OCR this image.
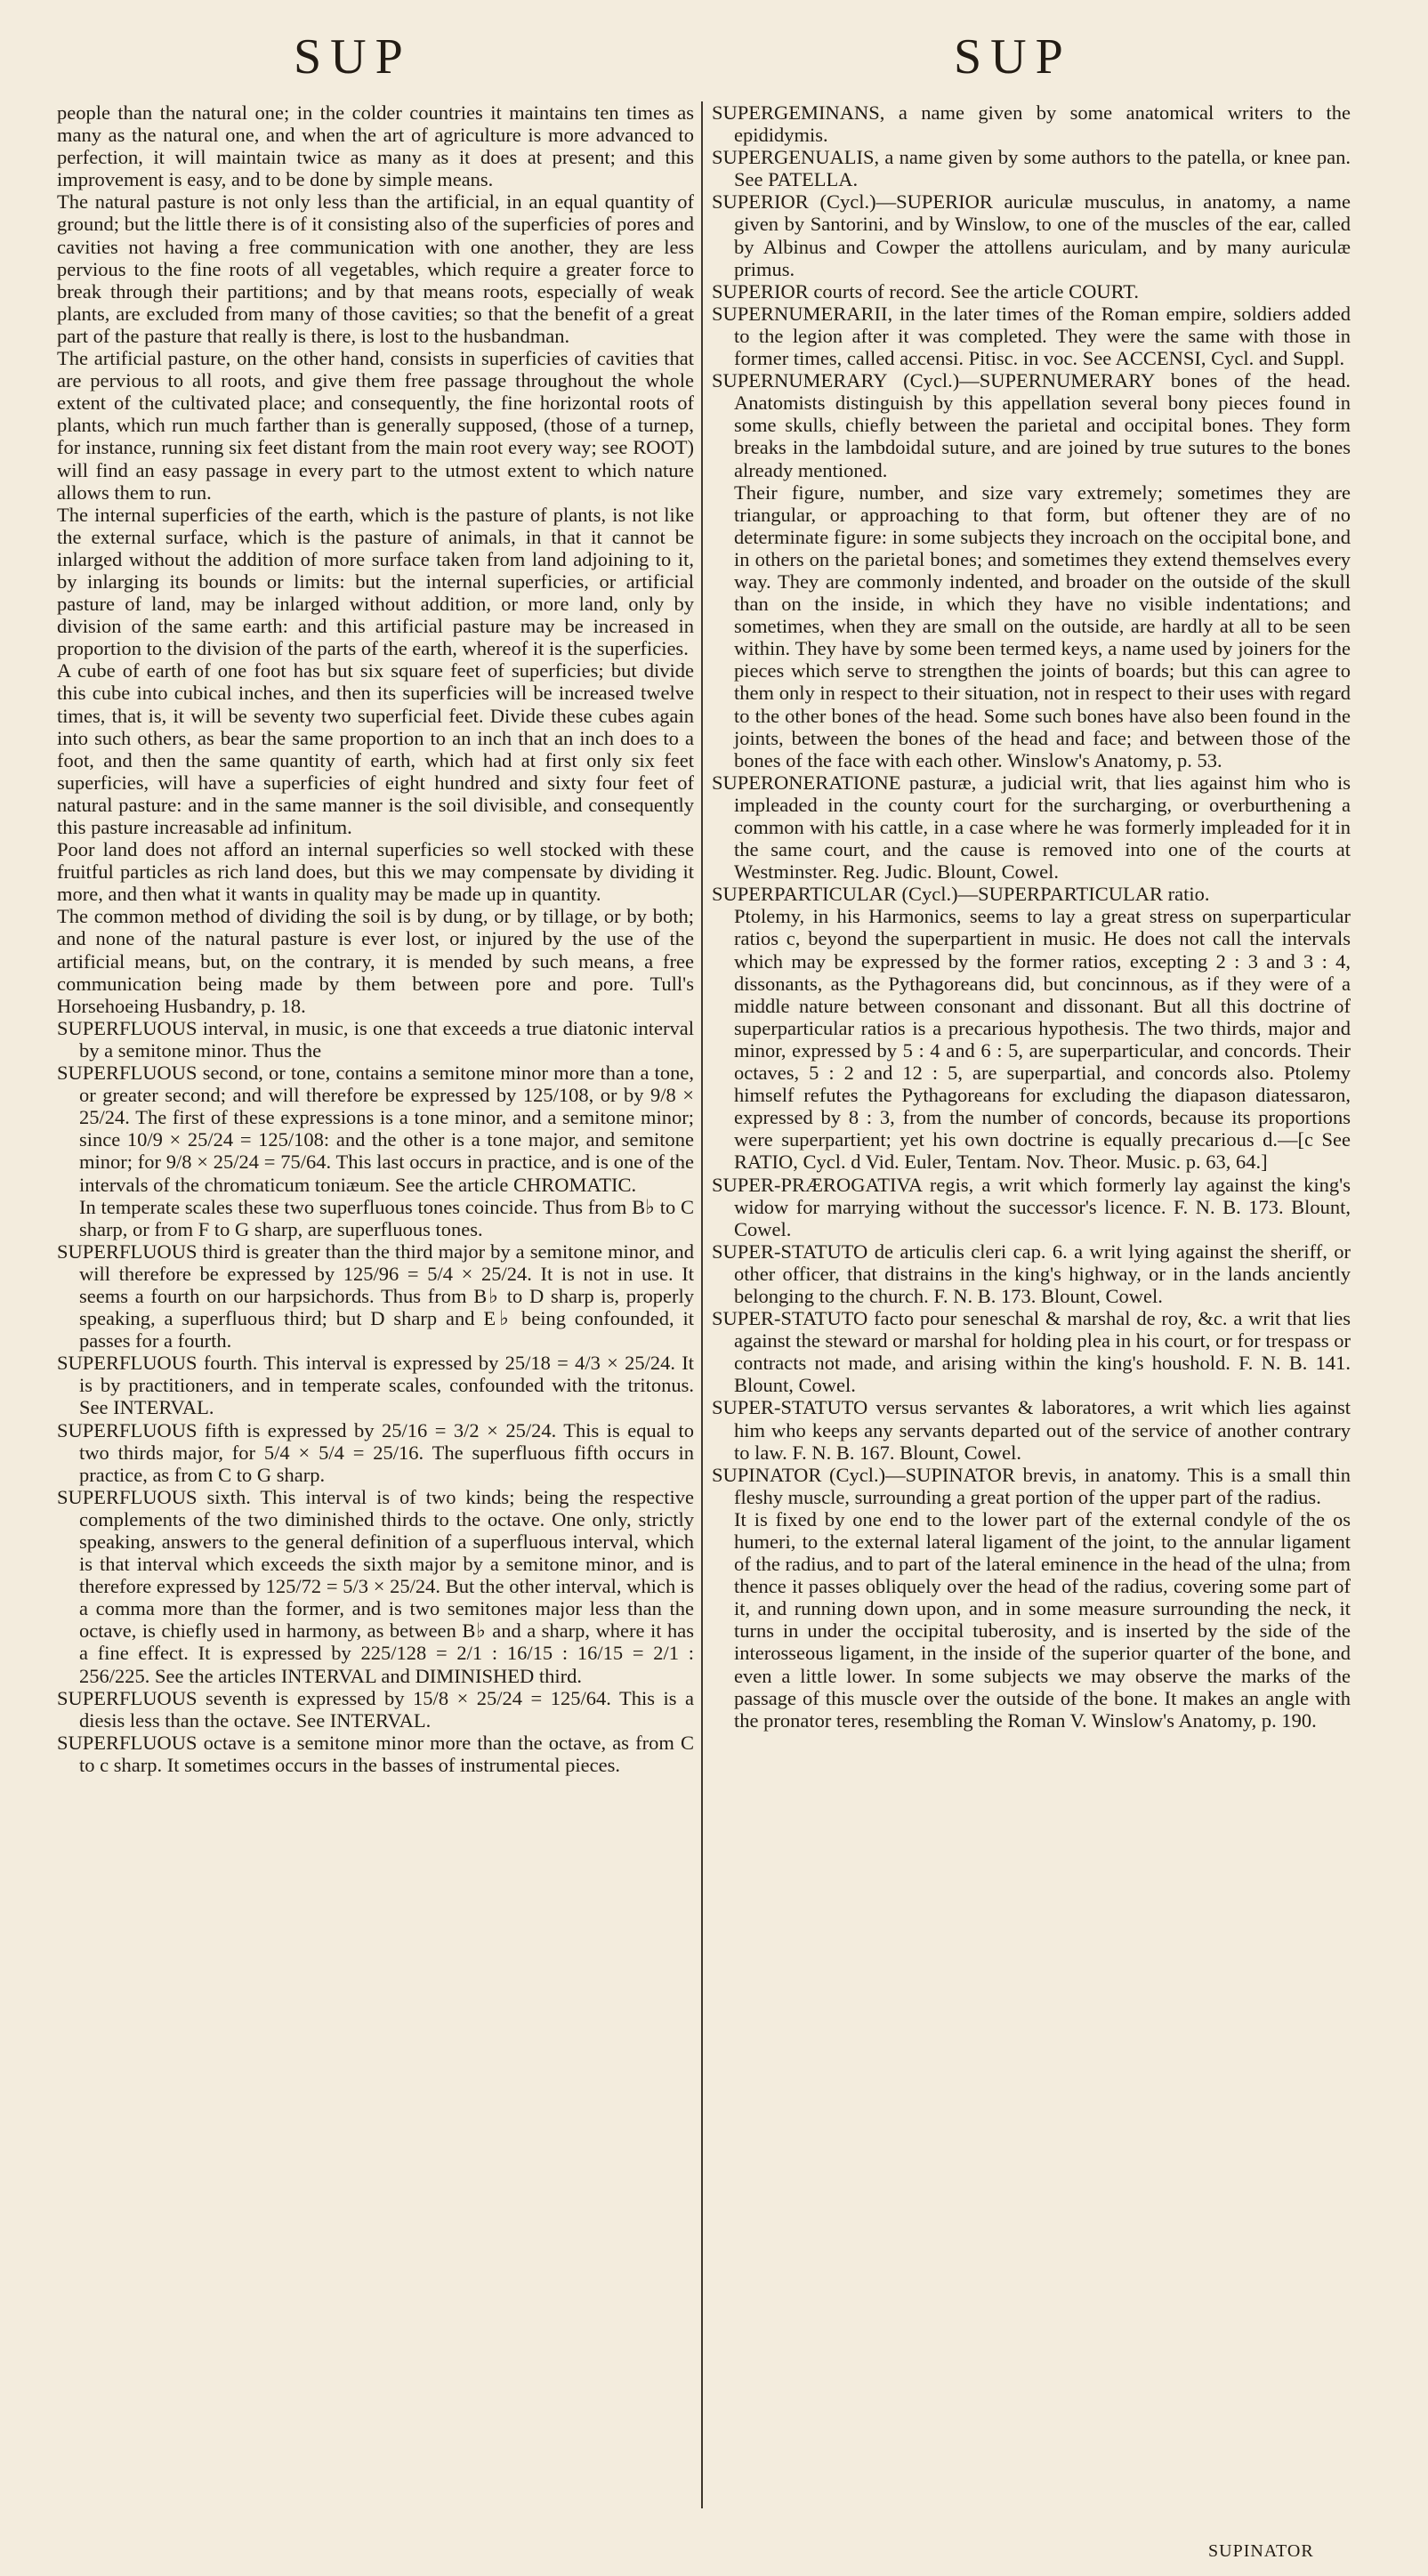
SUP	SUP

people than the natural one; in the colder countries it maintains ten times as many as the natural one, and when the art of agriculture is more advanced to perfection, it will maintain twice as many as it does at present; and this improvement is easy, and to be done by simple means.

The natural pasture is not only less than the artificial, in an equal quantity of ground; but the little there is of it consisting also of the superficies of pores and cavities not having a free communication with one another, they are less pervious to the fine roots of all vegetables, which require a greater force to break through their partitions; and by that means roots, especially of weak plants, are excluded from many of those cavities; so that the benefit of a great part of the pasture that really is there, is lost to the husbandman.

The artificial pasture, on the other hand, consists in superficies of cavities that are pervious to all roots, and give them free passage throughout the whole extent of the cultivated place; and consequently, the fine horizontal roots of plants, which run much farther than is generally supposed, (those of a turnep, for instance, running six feet distant from the main root every way; see ROOT) will find an easy passage in every part to the utmost extent to which nature allows them to run.

The internal superficies of the earth, which is the pasture of plants, is not like the external surface, which is the pasture of animals, in that it cannot be inlarged without the addition of more surface taken from land adjoining to it, by inlarging its bounds or limits: but the internal superficies, or artificial pasture of land, may be inlarged without addition, or more land, only by division of the same earth: and this artificial pasture may be increased in proportion to the division of the parts of the earth, whereof it is the superficies.

A cube of earth of one foot has but six square feet of superficies; but divide this cube into cubical inches, and then its superficies will be increased twelve times, that is, it will be seventy two superficial feet. Divide these cubes again into such others, as bear the same proportion to an inch that an inch does to a foot, and then the same quantity of earth, which had at first only six feet superficies, will have a superficies of eight hundred and sixty four feet of natural pasture: and in the same manner is the soil divisible, and consequently this pasture increasable ad infinitum.

Poor land does not afford an internal superficies so well stocked with these fruitful particles as rich land does, but this we may compensate by dividing it more, and then what it wants in quality may be made up in quantity.

The common method of dividing the soil is by dung, or by tillage, or by both; and none of the natural pasture is ever lost, or injured by the use of the artificial means, but, on the contrary, it is mended by such means, a free communication being made by them between pore and pore. Tull's Horsehoeing Husbandry, p. 18.

SUPERFLUOUS interval, in music, is one that exceeds a true diatonic interval by a semitone minor. Thus the

SUPERFLUOUS second, or tone, contains a semitone minor more than a tone, or greater second; and will therefore be expressed by 125/108, or by 9/8 × 25/24. The first of these expressions is a tone minor, and a semitone minor; since 10/9 × 25/24 = 125/108: and the other is a tone major, and semitone minor; for 9/8 × 25/24 = 75/64. This last occurs in practice, and is one of the intervals of the chromaticum toniæum. See the article CHROMATIC.

In temperate scales these two superfluous tones coincide. Thus from B♭ to C sharp, or from F to G sharp, are superfluous tones.

SUPERFLUOUS third is greater than the third major by a semitone minor, and will therefore be expressed by 125/96 = 5/4 × 25/24. It is not in use. It seems a fourth on our harpsichords. Thus from B♭ to D sharp is, properly speaking, a superfluous third; but D sharp and E♭ being confounded, it passes for a fourth.

SUPERFLUOUS fourth. This interval is expressed by 25/18 = 4/3 × 25/24. It is by practitioners, and in temperate scales, confounded with the tritonus. See INTERVAL.

SUPERFLUOUS fifth is expressed by 25/16 = 3/2 × 25/24. This is equal to two thirds major, for 5/4 × 5/4 = 25/16. The superfluous fifth occurs in practice, as from C to G sharp.

SUPERFLUOUS sixth. This interval is of two kinds; being the respective complements of the two diminished thirds to the octave. One only, strictly speaking, answers to the general definition of a superfluous interval, which is that interval which exceeds the sixth major by a semitone minor, and is therefore expressed by 125/72 = 5/3 × 25/24. But the other interval, which is a comma more than the former, and is two semitones major less than the octave, is chiefly used in harmony, as between B♭ and a sharp, where it has a fine effect. It is expressed by 225/128 = 2/1 : 16/15 : 16/15 = 2/1 : 256/225. See the articles INTERVAL and DIMINISHED third.

SUPERFLUOUS seventh is expressed by 15/8 × 25/24 = 125/64. This is a diesis less than the octave. See INTERVAL.

SUPERFLUOUS octave is a semitone minor more than the octave, as from C to c sharp. It sometimes occurs in the basses of instrumental pieces.

SUPERGEMINANS, a name given by some anatomical writers to the epididymis.

SUPERGENUALIS, a name given by some authors to the patella, or knee pan. See PATELLA.

SUPERIOR (Cycl.)—SUPERIOR auriculæ musculus, in anatomy, a name given by Santorini, and by Winslow, to one of the muscles of the ear, called by Albinus and Cowper the attollens auriculam, and by many auriculæ primus.

SUPERIOR courts of record. See the article COURT.

SUPERNUMERARII, in the later times of the Roman empire, soldiers added to the legion after it was completed. They were the same with those in former times, called accensi. Pitisc. in voc. See ACCENSI, Cycl. and Suppl.

SUPERNUMERARY (Cycl.)—SUPERNUMERARY bones of the head. Anatomists distinguish by this appellation several bony pieces found in some skulls, chiefly between the parietal and occipital bones. They form breaks in the lambdoidal suture, and are joined by true sutures to the bones already mentioned.

Their figure, number, and size vary extremely; sometimes they are triangular, or approaching to that form, but oftener they are of no determinate figure: in some subjects they incroach on the occipital bone, and in others on the parietal bones; and sometimes they extend themselves every way. They are commonly indented, and broader on the outside of the skull than on the inside, in which they have no visible indentations; and sometimes, when they are small on the outside, are hardly at all to be seen within. They have by some been termed keys, a name used by joiners for the pieces which serve to strengthen the joints of boards; but this can agree to them only in respect to their situation, not in respect to their uses with regard to the other bones of the head. Some such bones have also been found in the joints, between the bones of the head and face; and between those of the bones of the face with each other. Winslow's Anatomy, p. 53.

SUPERONERATIONE pasturæ, a judicial writ, that lies against him who is impleaded in the county court for the surcharging, or overburthening a common with his cattle, in a case where he was formerly impleaded for it in the same court, and the cause is removed into one of the courts at Westminster. Reg. Judic. Blount, Cowel.

SUPERPARTICULAR (Cycl.)—SUPERPARTICULAR ratio.

Ptolemy, in his Harmonics, seems to lay a great stress on superparticular ratios c, beyond the superpartient in music. He does not call the intervals which may be expressed by the former ratios, excepting 2 : 3 and 3 : 4, dissonants, as the Pythagoreans did, but concinnous, as if they were of a middle nature between consonant and dissonant. But all this doctrine of superparticular ratios is a precarious hypothesis. The two thirds, major and minor, expressed by 5 : 4 and 6 : 5, are superparticular, and concords. Their octaves, 5 : 2 and 12 : 5, are superpartial, and concords also. Ptolemy himself refutes the Pythagoreans for excluding the diapason diatessaron, expressed by 8 : 3, from the number of concords, because its proportions were superpartient; yet his own doctrine is equally precarious d.—[c See RATIO, Cycl. d Vid. Euler, Tentam. Nov. Theor. Music. p. 63, 64.]

SUPER-PRÆROGATIVA regis, a writ which formerly lay against the king's widow for marrying without the successor's licence. F. N. B. 173. Blount, Cowel.

SUPER-STATUTO de articulis cleri cap. 6. a writ lying against the sheriff, or other officer, that distrains in the king's highway, or in the lands anciently belonging to the church. F. N. B. 173. Blount, Cowel.

SUPER-STATUTO facto pour seneschal & marshal de roy, &c. a writ that lies against the steward or marshal for holding plea in his court, or for trespass or contracts not made, and arising within the king's houshold. F. N. B. 141. Blount, Cowel.

SUPER-STATUTO versus servantes & laboratores, a writ which lies against him who keeps any servants departed out of the service of another contrary to law. F. N. B. 167. Blount, Cowel.

SUPINATOR (Cycl.)—SUPINATOR brevis, in anatomy. This is a small thin fleshy muscle, surrounding a great portion of the upper part of the radius.

It is fixed by one end to the lower part of the external condyle of the os humeri, to the external lateral ligament of the joint, to the annular ligament of the radius, and to part of the lateral eminence in the head of the ulna; from thence it passes obliquely over the head of the radius, covering some part of it, and running down upon, and in some measure surrounding the neck, it turns in under the occipital tuberosity, and is inserted by the side of the interosseous ligament, in the inside of the superior quarter of the bone, and even a little lower. In some subjects we may observe the marks of the passage of this muscle over the outside of the bone. It makes an angle with the pronator teres, resembling the Roman V. Winslow's Anatomy, p. 190.

SUPINATOR
